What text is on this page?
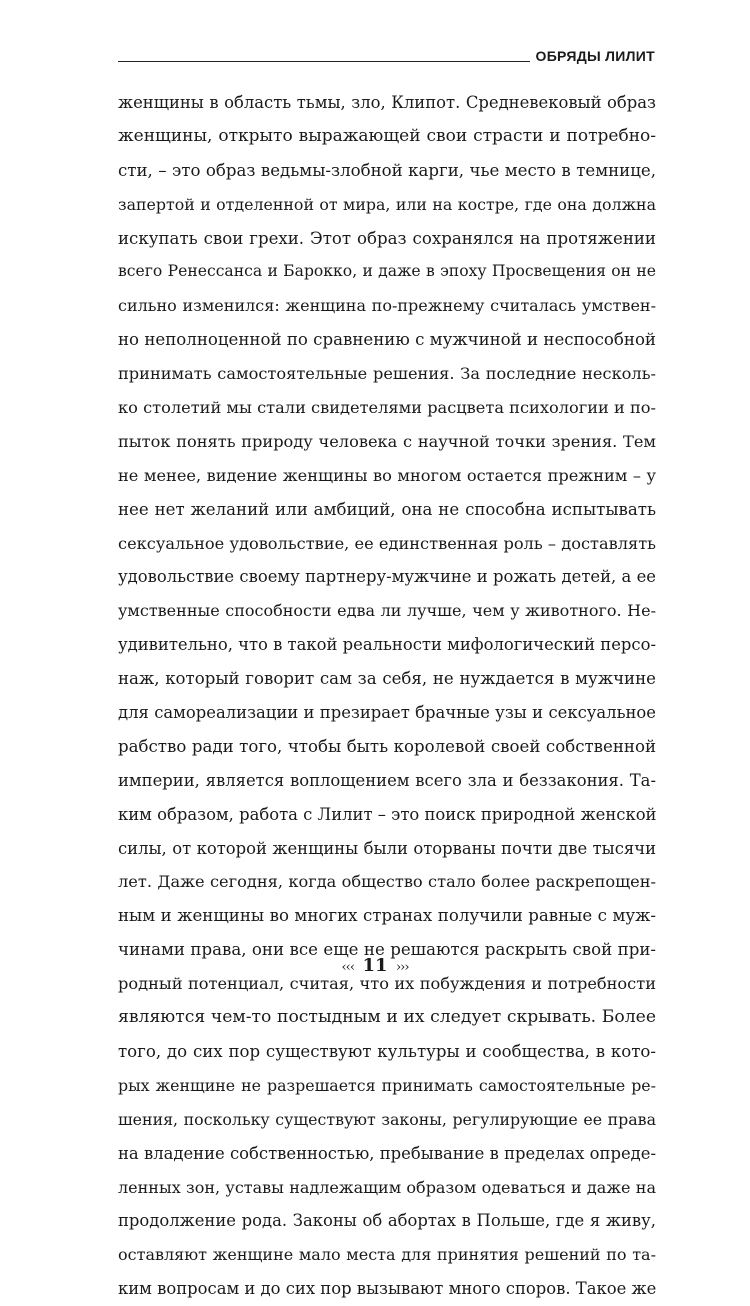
ОБРЯДЫ ЛИЛИТ
женщины в область тьмы, зло, Клипот. Средневековый образ
женщины, открыто выражающей свои страсти и потребно-
сти, – это образ ведьмы-злобной карги, чье место в темнице,
запертой и отделенной от мира, или на костре, где она должна
искупать свои грехи. Этот образ сохранялся на протяжении
всего Ренессанса и Барокко, и даже в эпоху Просвещения он не
сильно изменился: женщина по-прежнему считалась умствен-
но неполноценной по сравнению с мужчиной и неспособной
принимать самостоятельные решения. За последние несколь-
ко столетий мы стали свидетелями расцвета психологии и по-
пыток понять природу человека с научной точки зрения. Тем
не менее, видение женщины во многом остается прежним – у
нее нет желаний или амбиций, она не способна испытывать
сексуальное удовольствие, ее единственная роль – доставлять
удовольствие своему партнеру-мужчине и рожать детей, а ее
умственные способности едва ли лучше, чем у животного. Не-
удивительно, что в такой реальности мифологический персо-
наж, который говорит сам за себя, не нуждается в мужчине
для самореализации и презирает брачные узы и сексуальное
рабство ради того, чтобы быть королевой своей собственной
империи, является воплощением всего зла и беззакония. Та-
ким образом, работа с Лилит – это поиск природной женской
силы, от которой женщины были оторваны почти две тысячи
лет. Даже сегодня, когда общество стало более раскрепощен-
ным и женщины во многих странах получили равные с муж-
чинами права, они все еще не решаются раскрыть свой при-
родный потенциал, считая, что их побуждения и потребности
являются чем-то постыдным и их следует скрывать. Более
того, до сих пор существуют культуры и сообщества, в кото-
рых женщине не разрешается принимать самостоятельные ре-
шения, поскольку существуют законы, регулирующие ее права
на владение собственностью, пребывание в пределах опреде-
ленных зон, уставы надлежащим образом одеваться и даже на
продолжение рода. Законы об абортах в Польше, где я живу,
оставляют женщине мало места для принятия решений по та-
ким вопросам и до сих пор вызывают много споров. Такое же
‹‹‹ 11 ›››
